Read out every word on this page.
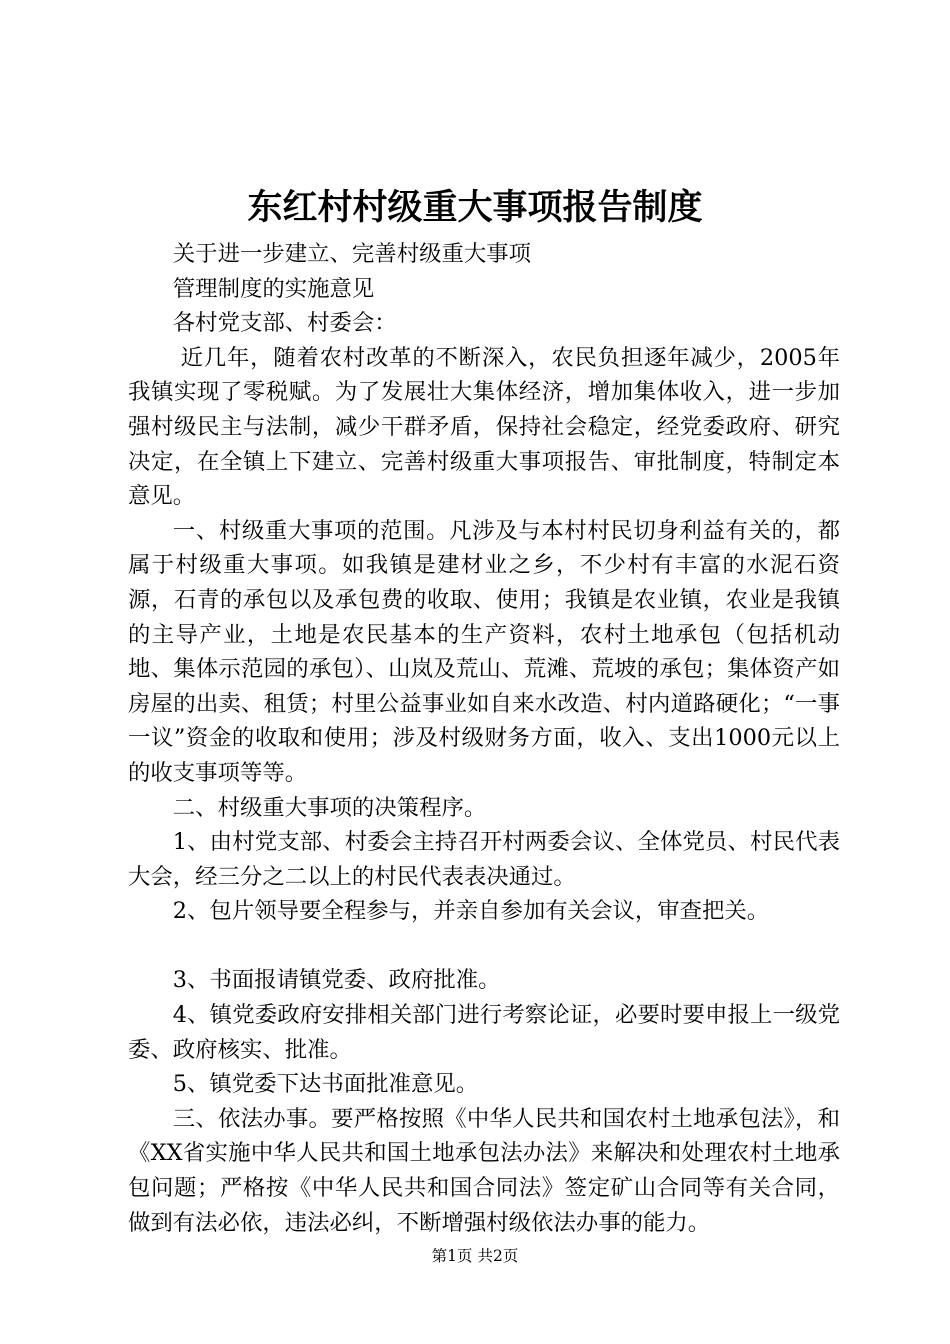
东红村村级重大事项报告制度

关于进一步建立、完善村级重大事项

管理制度的实施意见

各村党支部、村委会：

近几年，随着农村改革的不断深入，农民负担逐年减少，2005年我镇实现了零税赋。为了发展壮大集体经济，增加集体收入，进一步加强村级民主与法制，减少干群矛盾，保持社会稳定，经党委政府、研究决定，在全镇上下建立、完善村级重大事项报告、审批制度，特制定本意见。

一、村级重大事项的范围。凡涉及与本村村民切身利益有关的，都属于村级重大事项。如我镇是建材业之乡，不少村有丰富的水泥石资源，石青的承包以及承包费的收取、使用；我镇是农业镇，农业是我镇的主导产业，土地是农民基本的生产资料，农村土地承包（包括机动地、集体示范园的承包）、山岚及荒山、荒滩、荒坡的承包；集体资产如房屋的出卖、租赁；村里公益事业如自来水改造、村内道路硬化；“一事一议”资金的收取和使用；涉及村级财务方面，收入、支出1000元以上的收支事项等等。

二、村级重大事项的决策程序。

1、由村党支部、村委会主持召开村两委会议、全体党员、村民代表大会，经三分之二以上的村民代表表决通过。

2、包片领导要全程参与，并亲自参加有关会议，审查把关。

3、书面报请镇党委、政府批准。

4、镇党委政府安排相关部门进行考察论证，必要时要申报上一级党委、政府核实、批准。

5、镇党委下达书面批准意见。

三、依法办事。要严格按照《中华人民共和国农村土地承包法》，和《XX省实施中华人民共和国土地承包法办法》来解决和处理农村土地承包问题；严格按《中华人民共和国合同法》签定矿山合同等有关合同，做到有法必依，违法必纠，不断增强村级依法办事的能力。

第1页 共2页
